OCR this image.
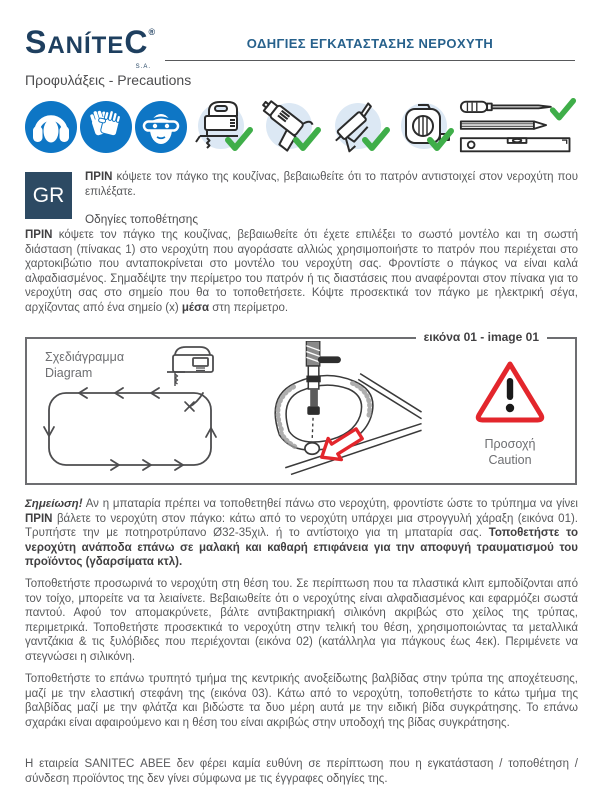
SANÍTEC®
S.A.
ΟΔΗΓΙΕΣ ΕΓΚΑΤΑΣΤΑΣΗΣ ΝΕΡΟΧΥΤΗ
Προφυλάξεις - Precautions
GR

ΠΡΙΝ κόψετε τον πάγκο της κουζίνας, βεβαιωθείτε ότι το πατρόν αντιστοιχεί στον νεροχύτη που επιλέξατε.

Οδηγίες τοποθέτησης

ΠΡΙΝ κόψετε τον πάγκο της κουζίνας, βεβαιωθείτε ότι έχετε επιλέξει το σωστό μοντέλο και τη σωστή διάσταση (πίνακας 1) στο νεροχύτη που αγοράσατε αλλιώς χρησιμοποιήστε το πατρόν που περιέχεται στο χαρτοκιβώτιο που ανταποκρίνεται στο μοντέλο του νεροχύτη σας. Φροντίστε ο πάγκος να είναι καλά αλφαδιασμένος. Σημαδέψτε την περίμετρο του πατρόν ή τις διαστάσεις που αναφέρονται στον πίνακα για το νεροχύτη σας στο σημείο που θα το τοποθετήσετε. Κόψτε προσεκτικά τον πάγκο με ηλεκτρική σέγα, αρχίζοντας από ένα σημείο (x) μέσα στη περίμετρο.

εικόνα 01 - image 01
Σχεδιάγραμμα
Diagram
Προσοχή
Caution

Σημείωση! Αν η μπαταρία πρέπει να τοποθετηθεί πάνω στο νεροχύτη, φροντίστε ώστε το τρύπημα να γίνει ΠΡΙΝ βάλετε το νεροχύτη στον πάγκο: κάτω από το νεροχύτη υπάρχει μια στρογγυλή χάραξη (εικόνα 01). Τρυπήστε την με ποτηροτρύπανο Ø32-35χιλ. ή το αντίστοιχο για τη μπαταρία σας. Τοποθετήστε το νεροχύτη ανάποδα επάνω σε μαλακή και καθαρή επιφάνεια για την αποφυγή τραυματισμού του προϊόντος (γδαρσίματα κτλ).

Τοποθετήστε προσωρινά το νεροχύτη στη θέση του. Σε περίπτωση που τα πλαστικά κλιπ εμποδίζονται από τον τοίχο, μπορείτε να τα λειαίνετε. Βεβαιωθείτε ότι ο νεροχύτης είναι αλφαδιασμένος και εφαρμόζει σωστά παντού. Αφού τον απομακρύνετε, βάλτε αντιβακτηριακή σιλικόνη ακριβώς στο χείλος της τρύπας, περιμετρικά. Τοποθετήστε προσεκτικά το νεροχύτη στην τελική του θέση, χρησιμοποιώντας τα μεταλλικά γαντζάκια & τις ξυλόβιδες που περιέχονται (εικόνα 02) (κατάλληλα για πάγκους έως 4εκ). Περιμένετε να στεγνώσει η σιλικόνη.

Τοποθετήστε το επάνω τρυπητό τμήμα της κεντρικής ανοξείδωτης βαλβίδας στην τρύπα της αποχέτευσης, μαζί με την ελαστική στεφάνη της (εικόνα 03). Κάτω από το νεροχύτη, τοποθετήστε το κάτω τμήμα της βαλβίδας μαζί με την φλάτζα και βιδώστε τα δυο μέρη αυτά με την ειδική βίδα συγκράτησης. Το επάνω σχαράκι είναι αφαιρούμενο και η θέση του είναι ακριβώς στην υποδοχή της βίδας συγκράτησης.

Η εταιρεία SANITEC ΑΒΕΕ δεν φέρει καμία ευθύνη σε περίπτωση που η εγκατάσταση / τοποθέτηση / σύνδεση προϊόντος της δεν γίνει σύμφωνα με τις έγγραφες οδηγίες της.
